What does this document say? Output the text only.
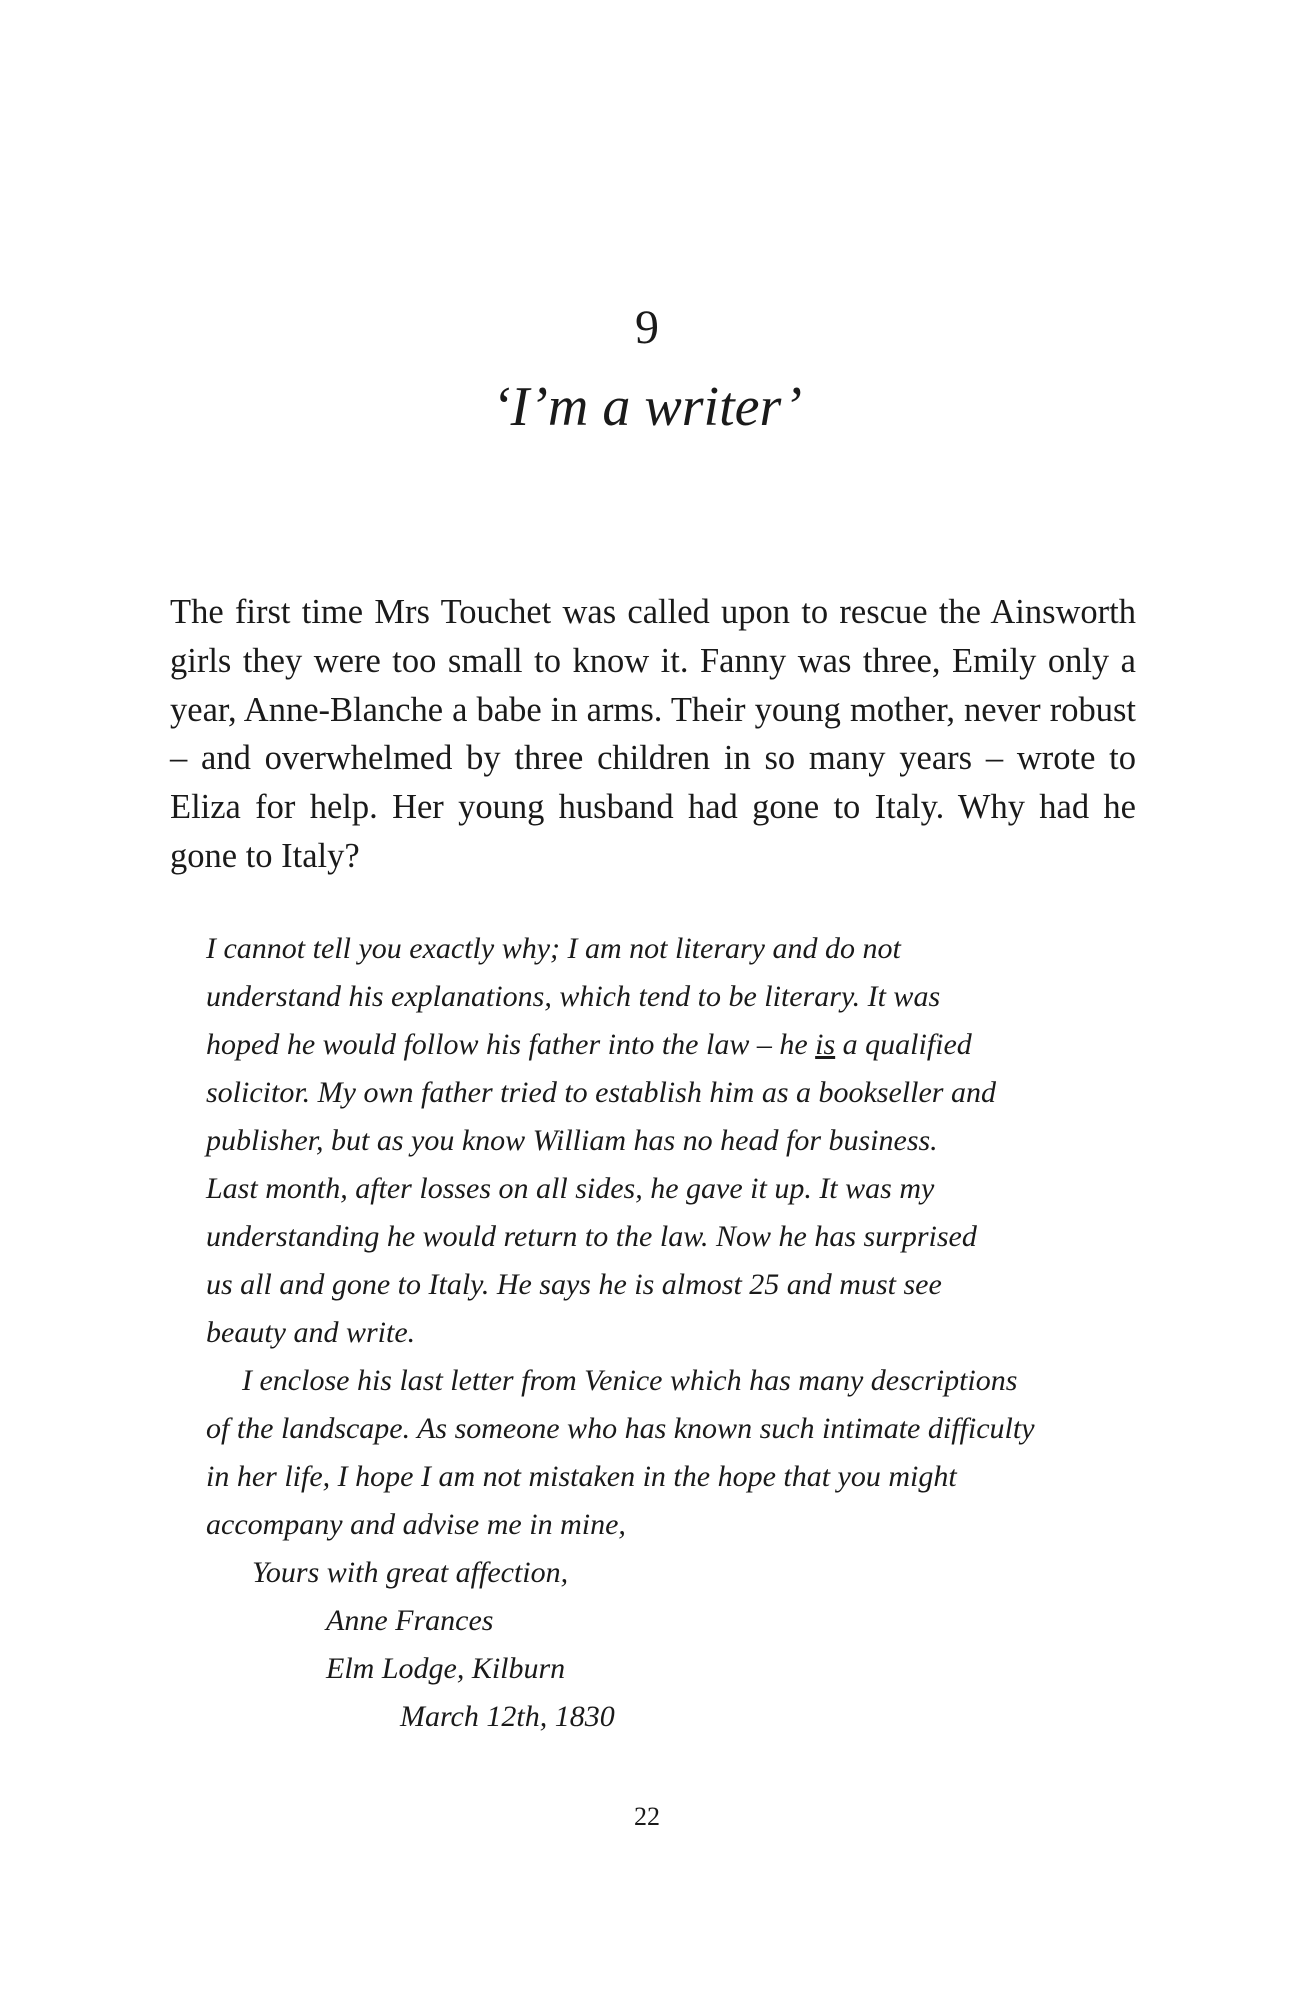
9
‘I’m a writer’

The first time Mrs Touchet was called upon to rescue the Ainsworth girls they were too small to know it. Fanny was three, Emily only a year, Anne-Blanche a babe in arms. Their young mother, never robust – and overwhelmed by three children in so many years – wrote to Eliza for help. Her young husband had gone to Italy. Why had he gone to Italy?

I cannot tell you exactly why; I am not literary and do not
understand his explanations, which tend to be literary. It was
hoped he would follow his father into the law – he is a qualified
solicitor. My own father tried to establish him as a bookseller and
publisher, but as you know William has no head for business.
Last month, after losses on all sides, he gave it up. It was my
understanding he would return to the law. Now he has surprised
us all and gone to Italy. He says he is almost 25 and must see
beauty and write.

I enclose his last letter from Venice which has many descriptions
of the landscape. As someone who has known such intimate difficulty
in her life, I hope I am not mistaken in the hope that you might
accompany and advise me in mine,

Yours with great affection,

Anne Frances

Elm Lodge, Kilburn

March 12th, 1830

22
